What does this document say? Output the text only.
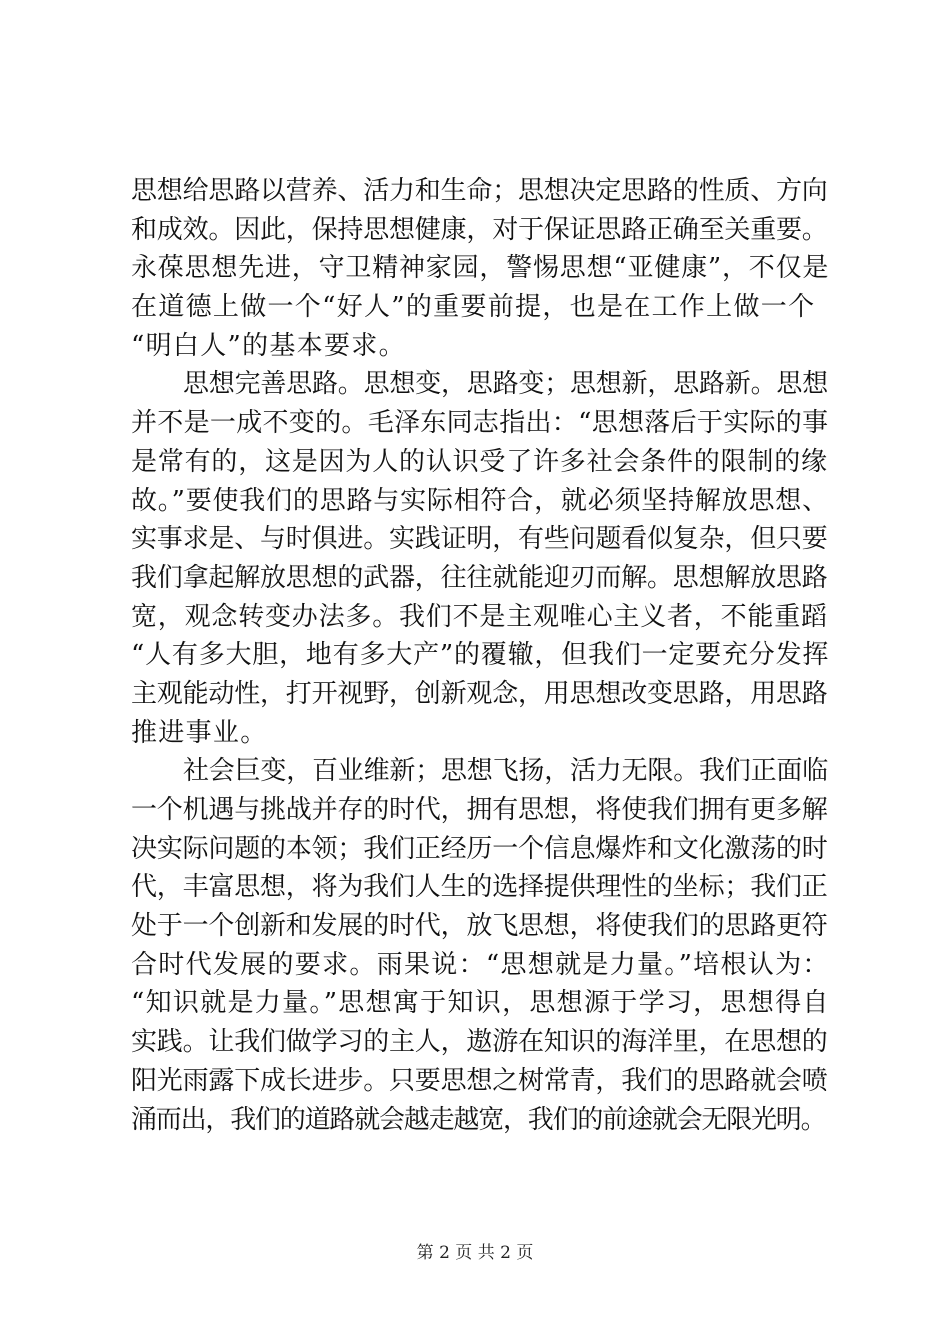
思想给思路以营养、活力和生命；思想决定思路的性质、方向
和成效。因此，保持思想健康，对于保证思路正确至关重要。
永葆思想先进，守卫精神家园，警惕思想“亚健康”，不仅是
在道德上做一个“好人”的重要前提，也是在工作上做一个
“明白人”的基本要求。
思想完善思路。思想变，思路变；思想新，思路新。思想
并不是一成不变的。毛泽东同志指出：“思想落后于实际的事
是常有的，这是因为人的认识受了许多社会条件的限制的缘
故。”要使我们的思路与实际相符合，就必须坚持解放思想、
实事求是、与时俱进。实践证明，有些问题看似复杂，但只要
我们拿起解放思想的武器，往往就能迎刃而解。思想解放思路
宽，观念转变办法多。我们不是主观唯心主义者，不能重蹈
“人有多大胆，地有多大产”的覆辙，但我们一定要充分发挥
主观能动性，打开视野，创新观念，用思想改变思路，用思路
推进事业。
社会巨变，百业维新；思想飞扬，活力无限。我们正面临
一个机遇与挑战并存的时代，拥有思想，将使我们拥有更多解
决实际问题的本领；我们正经历一个信息爆炸和文化激荡的时
代，丰富思想，将为我们人生的选择提供理性的坐标；我们正
处于一个创新和发展的时代，放飞思想，将使我们的思路更符
合时代发展的要求。雨果说：“思想就是力量。”培根认为：
“知识就是力量。”思想寓于知识，思想源于学习，思想得自
实践。让我们做学习的主人，遨游在知识的海洋里，在思想的
阳光雨露下成长进步。只要思想之树常青，我们的思路就会喷
涌而出，我们的道路就会越走越宽，我们的前途就会无限光明。
第 2 页 共 2 页
